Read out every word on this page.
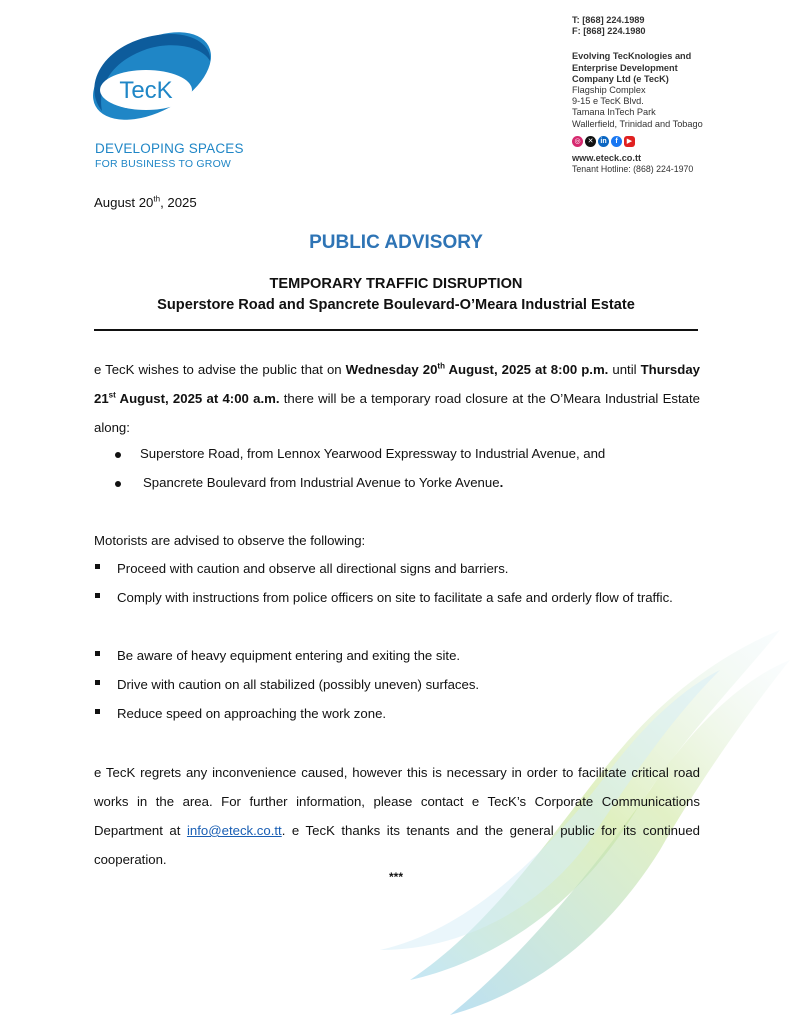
TecK
DEVELOPING SPACES
FOR BUSINESS TO GROW
T: [868] 224.1989
F: [868] 224.1980
Evolving TecKnologies and
Enterprise Development
Company Ltd (e TecK)
Flagship Complex
9-15 e TecK Blvd.
Tamana InTech Park
Wallerfield, Trinidad and Tobago
◎	✕ in	f	▶
www.eteck.co.tt
Tenant Hotline: (868) 224-1970
August 20th, 2025
PUBLIC ADVISORY
TEMPORARY TRAFFIC DISRUPTION
Superstore Road and Spancrete Boulevard-O’Meara Industrial Estate
e TecK wishes to advise the public that on Wednesday 20th August, 2025 at 8:00 p.m. until Thursday 21st August, 2025 at 4:00 a.m. there will be a temporary road closure at the O’Meara Industrial Estate along:
Superstore Road, from Lennox Yearwood Expressway to Industrial Avenue, and
Spancrete Boulevard from Industrial Avenue to Yorke Avenue.
Motorists are advised to observe the following:
Proceed with caution and observe all directional signs and barriers.
Comply with instructions from police officers on site to facilitate a safe and orderly flow of traffic.
Be aware of heavy equipment entering and exiting the site.
Drive with caution on all stabilized (possibly uneven) surfaces.
Reduce speed on approaching the work zone.
e TecK regrets any inconvenience caused, however this is necessary in order to facilitate critical road works in the area. For further information, please contact e TecK’s Corporate Communications Department at info@eteck.co.tt. e TecK thanks its tenants and the general public for its continued cooperation.
***
